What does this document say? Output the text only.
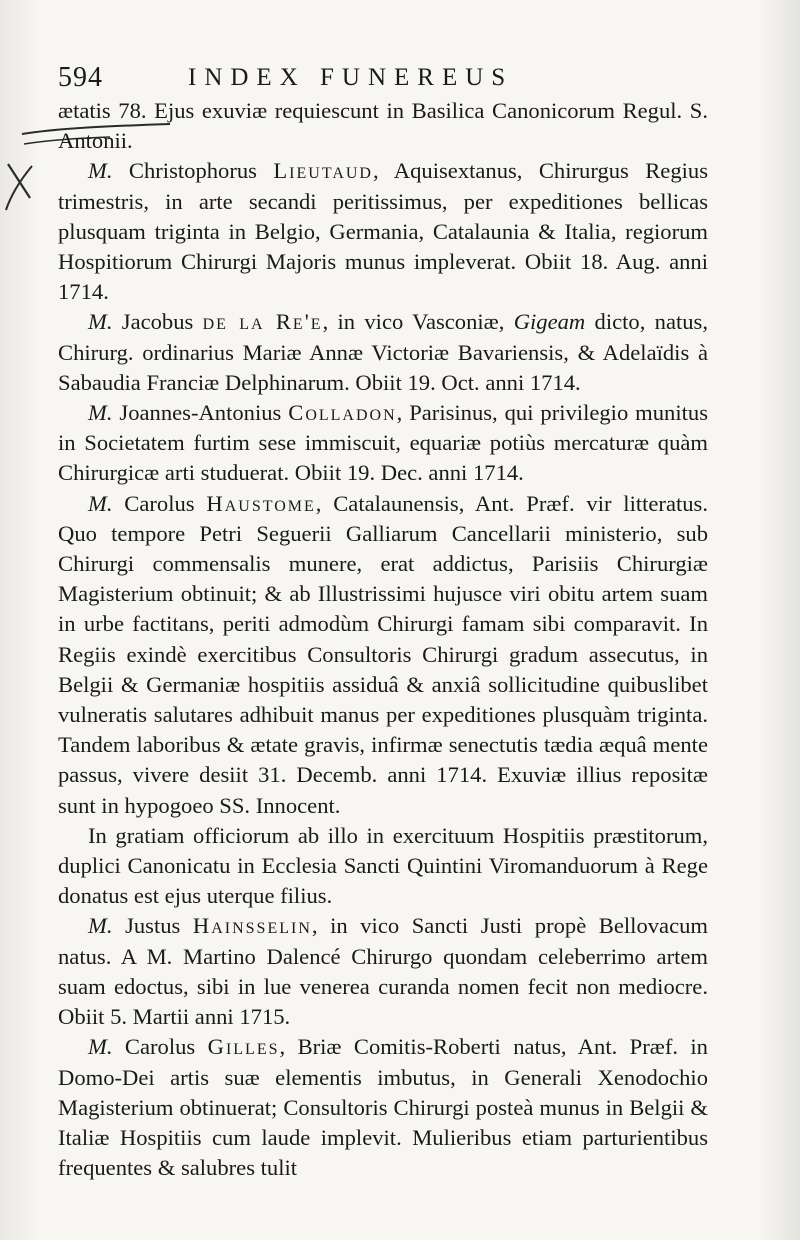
594	INDEX FUNEREUS

ætatis 78. Ejus exuviæ requiescunt in Basilica Canonicorum Regul. S. Antonii.

M. Christophorus Lieutaud, Aquisextanus, Chirurgus Regius trimestris, in arte secandi peritissimus, per expeditiones bellicas plusquam triginta in Belgio, Germania, Catalaunia & Italia, regiorum Hospitiorum Chirurgi Majoris munus impleverat. Obiit 18. Aug. anni 1714.

M. Jacobus de la Re'e, in vico Vasconiæ, Gigeam dicto, natus, Chirurg. ordinarius Mariæ Annæ Victoriæ Bavariensis, & Adelaïdis à Sabaudia Franciæ Delphinarum. Obiit 19. Oct. anni 1714.

M. Joannes-Antonius Colladon, Parisinus, qui privilegio munitus in Societatem furtim sese immiscuit, equariæ potiùs mercaturæ quàm Chirurgicæ arti studuerat. Obiit 19. Dec. anni 1714.

M. Carolus Haustome, Catalaunensis, Ant. Præf. vir litteratus. Quo tempore Petri Seguerii Galliarum Cancellarii ministerio, sub Chirurgi commensalis munere, erat addictus, Parisiis Chirurgiæ Magisterium obtinuit; & ab Illustrissimi hujusce viri obitu artem suam in urbe factitans, periti admodùm Chirurgi famam sibi comparavit. In Regiis exindè exercitibus Consultoris Chirurgi gradum assecutus, in Belgii & Germaniæ hospitiis assiduâ & anxiâ sollicitudine quibuslibet vulneratis salutares adhibuit manus per expeditiones plusquàm triginta. Tandem laboribus & ætate gravis, infirmæ senectutis tædia æquâ mente passus, vivere desiit 31. Decemb. anni 1714. Exuviæ illius repositæ sunt in hypogoeo SS. Innocent.

In gratiam officiorum ab illo in exercituum Hospitiis præstitorum, duplici Canonicatu in Ecclesia Sancti Quintini Viromanduorum à Rege donatus est ejus uterque filius.

M. Justus Hainsselin, in vico Sancti Justi propè Bellovacum natus. A M. Martino Dalencé Chirurgo quondam celeberrimo artem suam edoctus, sibi in lue venerea curanda nomen fecit non mediocre. Obiit 5. Martii anni 1715.

M. Carolus Gilles, Briæ Comitis-Roberti natus, Ant. Præf. in Domo-Dei artis suæ elementis imbutus, in Generali Xenodochio Magisterium obtinuerat; Consultoris Chirurgi posteà munus in Belgii & Italiæ Hospitiis cum laude implevit. Mulieribus etiam parturientibus frequentes & salubres tulit
